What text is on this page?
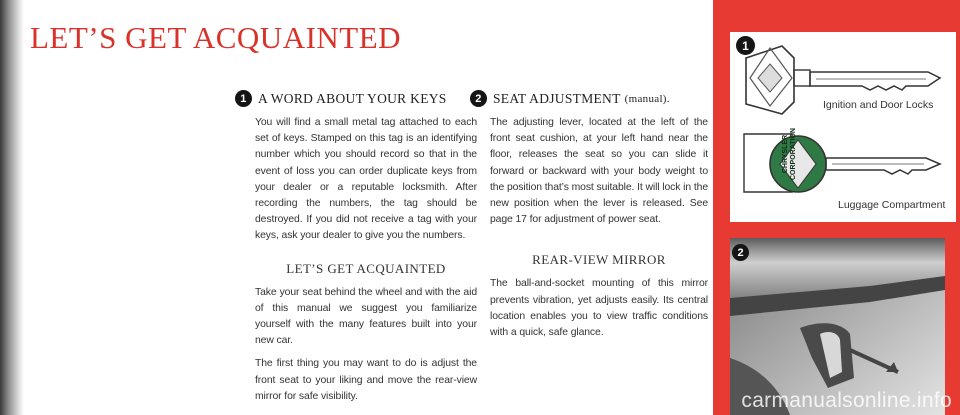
LET’S GET ACQUAINTED
1 A WORD ABOUT YOUR KEYS

You will find a small metal tag attached to each set of keys. Stamped on this tag is an identifying number which you should record so that in the event of loss you can order duplicate keys from your dealer or a reputable locksmith. After recording the numbers, the tag should be destroyed. If you did not receive a tag with your keys, ask your dealer to give you the numbers.

LET’S GET ACQUAINTED

Take your seat behind the wheel and with the aid of this manual we suggest you familiarize yourself with the many features built into your new car.

The first thing you may want to do is adjust the front seat to your liking and move the rear-view mirror for safe visibility.

2 SEAT ADJUSTMENT (manual).

The adjusting lever, located at the left of the front seat cushion, at your left hand near the floor, releases the seat so you can slide it forward or backward with your body weight to the position that’s most suitable. It will lock in the new position when the lever is released. See page 17 for adjustment of power seat.

REAR-VIEW MIRROR

The ball-and-socket mounting of this mirror prevents vibration, yet adjusts easily. Its central location enables you to view traffic conditions with a quick, safe glance.

1
Ignition and Door Locks
CHRYSLER CORPORATION
Luggage Compartment
2
carmanualsonline.info
